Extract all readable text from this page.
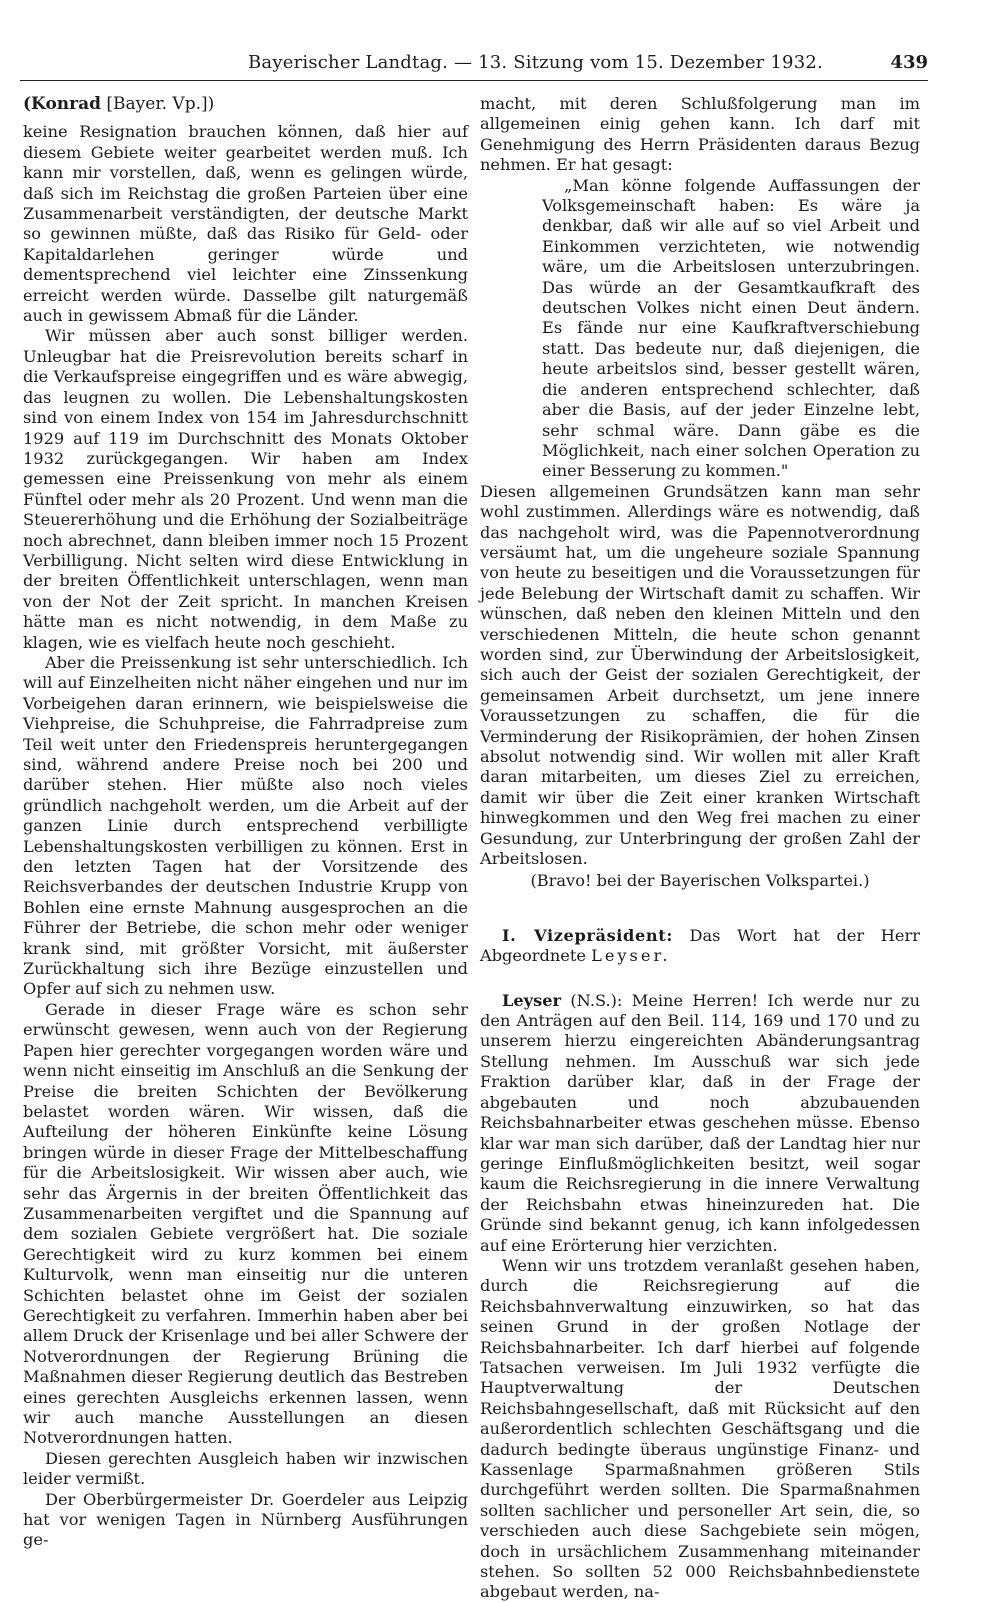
Bayerischer Landtag. — 13. Sitzung vom 15. Dezember 1932.	439
(Konrad [Bayer. Vp.])

keine Resignation brauchen können, daß hier auf diesem Gebiete weiter gearbeitet werden muß. Ich kann mir vorstellen, daß, wenn es gelingen würde, daß sich im Reichstag die großen Parteien über eine Zusammenarbeit verständigten, der deutsche Markt so gewinnen müßte, daß das Risiko für Geld- oder Kapitaldarlehen geringer würde und dementsprechend viel leichter eine Zinssenkung erreicht werden würde. Dasselbe gilt naturgemäß auch in gewissem Abmaß für die Länder.

Wir müssen aber auch sonst billiger werden. Unleugbar hat die Preisrevolution bereits scharf in die Verkaufspreise eingegriffen und es wäre abwegig, das leugnen zu wollen. Die Lebenshaltungskosten sind von einem Index von 154 im Jahresdurchschnitt 1929 auf 119 im Durchschnitt des Monats Oktober 1932 zurückgegangen. Wir haben am Index gemessen eine Preissenkung von mehr als einem Fünftel oder mehr als 20 Prozent. Und wenn man die Steuererhöhung und die Erhöhung der Sozialbeiträge noch abrechnet, dann bleiben immer noch 15 Prozent Verbilligung. Nicht selten wird diese Entwicklung in der breiten Öffentlichkeit unterschlagen, wenn man von der Not der Zeit spricht. In manchen Kreisen hätte man es nicht notwendig, in dem Maße zu klagen, wie es vielfach heute noch geschieht.

Aber die Preissenkung ist sehr unterschiedlich. Ich will auf Einzelheiten nicht näher eingehen und nur im Vorbeigehen daran erinnern, wie beispielsweise die Viehpreise, die Schuhpreise, die Fahrradpreise zum Teil weit unter den Friedenspreis heruntergegangen sind, während andere Preise noch bei 200 und darüber stehen. Hier müßte also noch vieles gründlich nachgeholt werden, um die Arbeit auf der ganzen Linie durch entsprechend verbilligte Lebenshaltungskosten verbilligen zu können. Erst in den letzten Tagen hat der Vorsitzende des Reichsverbandes der deutschen Industrie Krupp von Bohlen eine ernste Mahnung ausgesprochen an die Führer der Betriebe, die schon mehr oder weniger krank sind, mit größter Vorsicht, mit äußerster Zurückhaltung sich ihre Bezüge einzustellen und Opfer auf sich zu nehmen usw.

Gerade in dieser Frage wäre es schon sehr erwünscht gewesen, wenn auch von der Regierung Papen hier gerechter vorgegangen worden wäre und wenn nicht einseitig im Anschluß an die Senkung der Preise die breiten Schichten der Bevölkerung belastet worden wären. Wir wissen, daß die Aufteilung der höheren Einkünfte keine Lösung bringen würde in dieser Frage der Mittelbeschaffung für die Arbeitslosigkeit. Wir wissen aber auch, wie sehr das Ärgernis in der breiten Öffentlichkeit das Zusammenarbeiten vergiftet und die Spannung auf dem sozialen Gebiete vergrößert hat. Die soziale Gerechtigkeit wird zu kurz kommen bei einem Kulturvolk, wenn man einseitig nur die unteren Schichten belastet ohne im Geist der sozialen Gerechtigkeit zu verfahren. Immerhin haben aber bei allem Druck der Krisenlage und bei aller Schwere der Notverordnungen der Regierung Brüning die Maßnahmen dieser Regierung deutlich das Bestreben eines gerechten Ausgleichs erkennen lassen, wenn wir auch manche Ausstellungen an diesen Notverordnungen hatten.

Diesen gerechten Ausgleich haben wir inzwischen leider vermißt.

Der Oberbürgermeister Dr. Goerdeler aus Leipzig hat vor wenigen Tagen in Nürnberg Ausführungen ge-

macht, mit deren Schlußfolgerung man im allgemeinen einig gehen kann. Ich darf mit Genehmigung des Herrn Präsidenten daraus Bezug nehmen. Er hat gesagt:

„Man könne folgende Auffassungen der Volksgemeinschaft haben: Es wäre ja denkbar, daß wir alle auf so viel Arbeit und Einkommen verzichteten, wie notwendig wäre, um die Arbeitslosen unterzubringen. Das würde an der Gesamtkaufkraft des deutschen Volkes nicht einen Deut ändern. Es fände nur eine Kaufkraftverschiebung statt. Das bedeute nur, daß diejenigen, die heute arbeitslos sind, besser gestellt wären, die anderen entsprechend schlechter, daß aber die Basis, auf der jeder Einzelne lebt, sehr schmal wäre. Dann gäbe es die Möglichkeit, nach einer solchen Operation zu einer Besserung zu kommen."

Diesen allgemeinen Grundsätzen kann man sehr wohl zustimmen. Allerdings wäre es notwendig, daß das nachgeholt wird, was die Papennotverordnung versäumt hat, um die ungeheure soziale Spannung von heute zu beseitigen und die Voraussetzungen für jede Belebung der Wirtschaft damit zu schaffen. Wir wünschen, daß neben den kleinen Mitteln und den verschiedenen Mitteln, die heute schon genannt worden sind, zur Überwindung der Arbeitslosigkeit, sich auch der Geist der sozialen Gerechtigkeit, der gemeinsamen Arbeit durchsetzt, um jene innere Voraussetzungen zu schaffen, die für die Verminderung der Risikoprämien, der hohen Zinsen absolut notwendig sind. Wir wollen mit aller Kraft daran mitarbeiten, um dieses Ziel zu erreichen, damit wir über die Zeit einer kranken Wirtschaft hinwegkommen und den Weg frei machen zu einer Gesundung, zur Unterbringung der großen Zahl der Arbeitslosen.

(Bravo! bei der Bayerischen Volkspartei.)

I. Vizepräsident: Das Wort hat der Herr Abgeordnete Leyser.

Leyser (N.S.): Meine Herren! Ich werde nur zu den Anträgen auf den Beil. 114, 169 und 170 und zu unserem hierzu eingereichten Abänderungsantrag Stellung nehmen. Im Ausschuß war sich jede Fraktion darüber klar, daß in der Frage der abgebauten und noch abzubauenden Reichsbahnarbeiter etwas geschehen müsse. Ebenso klar war man sich darüber, daß der Landtag hier nur geringe Einflußmöglichkeiten besitzt, weil sogar kaum die Reichsregierung in die innere Verwaltung der Reichsbahn etwas hineinzureden hat. Die Gründe sind bekannt genug, ich kann infolgedessen auf eine Erörterung hier verzichten.

Wenn wir uns trotzdem veranlaßt gesehen haben, durch die Reichsregierung auf die Reichsbahnverwaltung einzuwirken, so hat das seinen Grund in der großen Notlage der Reichsbahnarbeiter. Ich darf hierbei auf folgende Tatsachen verweisen. Im Juli 1932 verfügte die Hauptverwaltung der Deutschen Reichsbahngesellschaft, daß mit Rücksicht auf den außerordentlich schlechten Geschäftsgang und die dadurch bedingte überaus ungünstige Finanz- und Kassenlage Sparmaßnahmen größeren Stils durchgeführt werden sollten. Die Sparmaßnahmen sollten sachlicher und personeller Art sein, die, so verschieden auch diese Sachgebiete sein mögen, doch in ursächlichem Zusammenhang miteinander stehen. So sollten 52 000 Reichsbahnbedienstete abgebaut werden, na-
